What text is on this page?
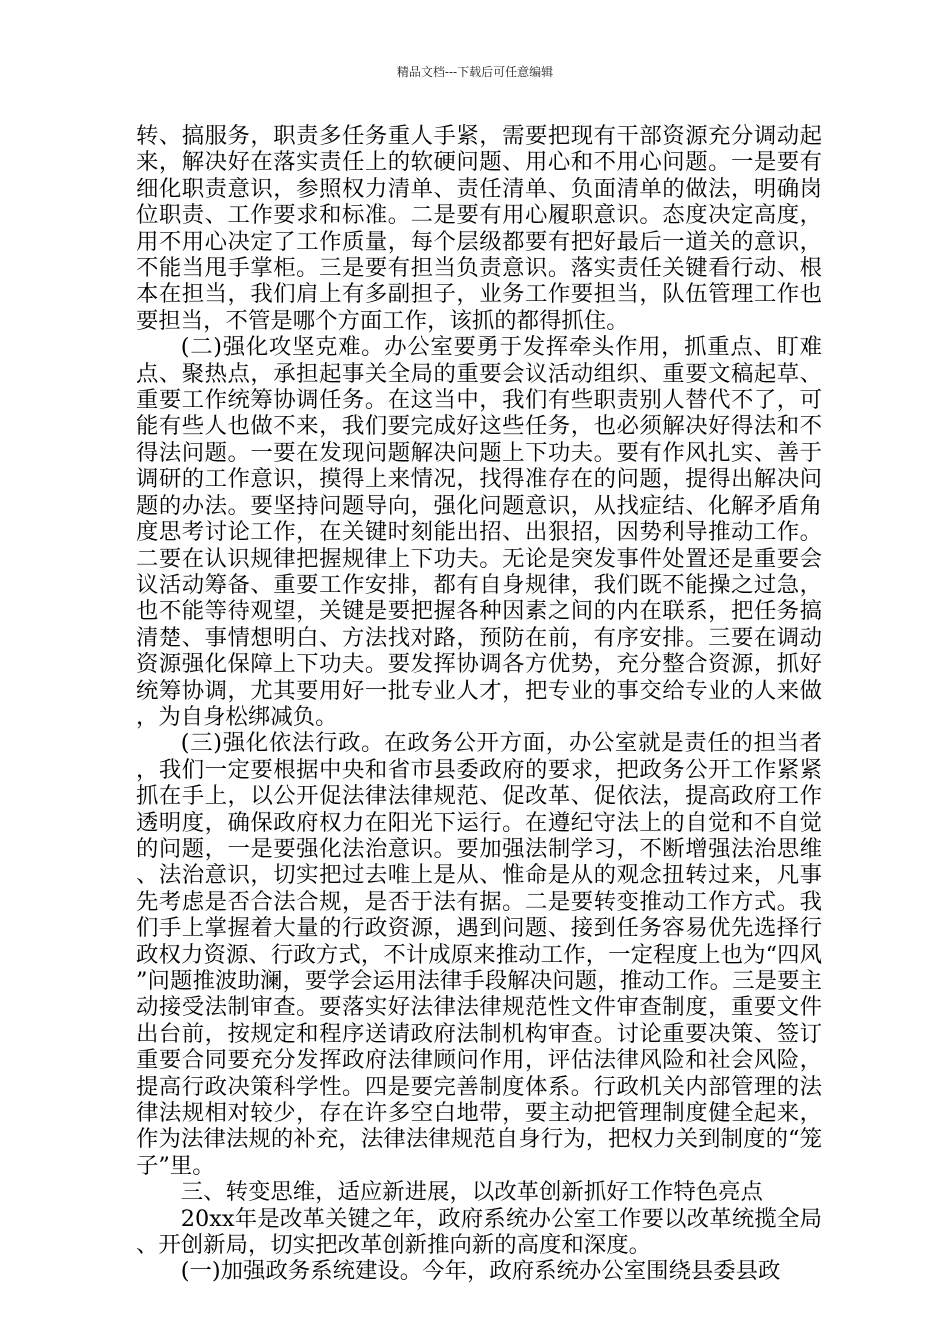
精品文档---下载后可任意编辑

转、搞服务，职责多任务重人手紧，需要把现有干部资源充分调动起来，解决好在落实责任上的软硬问题、用心和不用心问题。一是要有细化职责意识，参照权力清单、责任清单、负面清单的做法，明确岗位职责、工作要求和标准。二是要有用心履职意识。态度决定高度，用不用心决定了工作质量，每个层级都要有把好最后一道关的意识，不能当甩手掌柜。三是要有担当负责意识。落实责任关键看行动、根本在担当，我们肩上有多副担子，业务工作要担当，队伍管理工作也要担当，不管是哪个方面工作，该抓的都得抓住。

(二)强化攻坚克难。办公室要勇于发挥牵头作用，抓重点、盯难点、聚热点，承担起事关全局的重要会议活动组织、重要文稿起草、重要工作统筹协调任务。在这当中，我们有些职责别人替代不了，可能有些人也做不来，我们要完成好这些任务，也必须解决好得法和不得法问题。一要在发现问题解决问题上下功夫。要有作风扎实、善于调研的工作意识，摸得上来情况，找得准存在的问题，提得出解决问题的办法。要坚持问题导向，强化问题意识，从找症结、化解矛盾角度思考讨论工作，在关键时刻能出招、出狠招，因势利导推动工作。二要在认识规律把握规律上下功夫。无论是突发事件处置还是重要会议活动筹备、重要工作安排，都有自身规律，我们既不能操之过急，也不能等待观望，关键是要把握各种因素之间的内在联系，把任务搞清楚、事情想明白、方法找对路，预防在前，有序安排。三要在调动资源强化保障上下功夫。要发挥协调各方优势，充分整合资源，抓好统筹协调，尤其要用好一批专业人才，把专业的事交给专业的人来做，为自身松绑减负。

(三)强化依法行政。在政务公开方面，办公室就是责任的担当者，我们一定要根据中央和省市县委政府的要求，把政务公开工作紧紧抓在手上，以公开促法律法律规范、促改革、促依法，提高政府工作透明度，确保政府权力在阳光下运行。在遵纪守法上的自觉和不自觉的问题，一是要强化法治意识。要加强法制学习，不断增强法治思维、法治意识，切实把过去唯上是从、惟命是从的观念扭转过来，凡事先考虑是否合法合规，是否于法有据。二是要转变推动工作方式。我们手上掌握着大量的行政资源，遇到问题、接到任务容易优先选择行政权力资源、行政方式，不计成原来推动工作，一定程度上也为“四风”问题推波助澜，要学会运用法律手段解决问题，推动工作。三是要主动接受法制审查。要落实好法律法律规范性文件审查制度，重要文件出台前，按规定和程序送请政府法制机构审查。讨论重要决策、签订重要合同要充分发挥政府法律顾问作用，评估法律风险和社会风险，提高行政决策科学性。四是要完善制度体系。行政机关内部管理的法律法规相对较少，存在许多空白地带，要主动把管理制度健全起来，作为法律法规的补充，法律法律规范自身行为，把权力关到制度的“笼子”里。

三、转变思维，适应新进展，以改革创新抓好工作特色亮点

20xx年是改革关键之年，政府系统办公室工作要以改革统揽全局、开创新局，切实把改革创新推向新的高度和深度。

(一)加强政务系统建设。今年，政府系统办公室围绕县委县政
